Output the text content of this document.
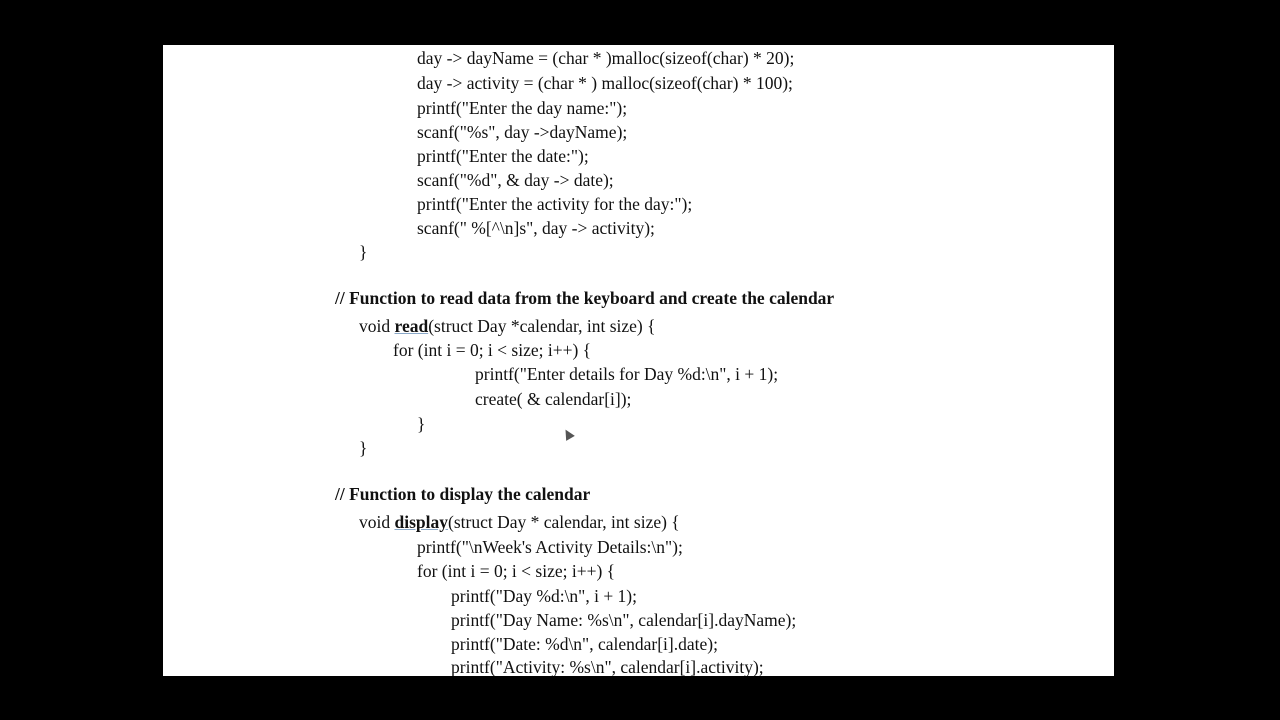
day -> dayName = (char * )malloc(sizeof(char) * 20);
day -> activity = (char * ) malloc(sizeof(char) * 100);
printf("Enter the day name:");
scanf("%s", day ->dayName);
printf("Enter the date:");
scanf("%d", & day -> date);
printf("Enter the activity for the day:");
scanf(" %[^\n]s", day -> activity);
}
// Function to read data from the keyboard and create the calendar
void read(struct Day *calendar, int size) {
for (int i = 0; i < size; i++) {
printf("Enter details for Day %d:\n", i + 1);
create( & calendar[i]);
}
}
// Function to display the calendar
void display(struct Day * calendar, int size) {
printf("\nWeek's Activity Details:\n");
for (int i = 0; i < size; i++) {
printf("Day %d:\n", i + 1);
printf("Day Name: %s\n", calendar[i].dayName);
printf("Date: %d\n", calendar[i].date);
printf("Activity: %s\n", calendar[i].activity);
